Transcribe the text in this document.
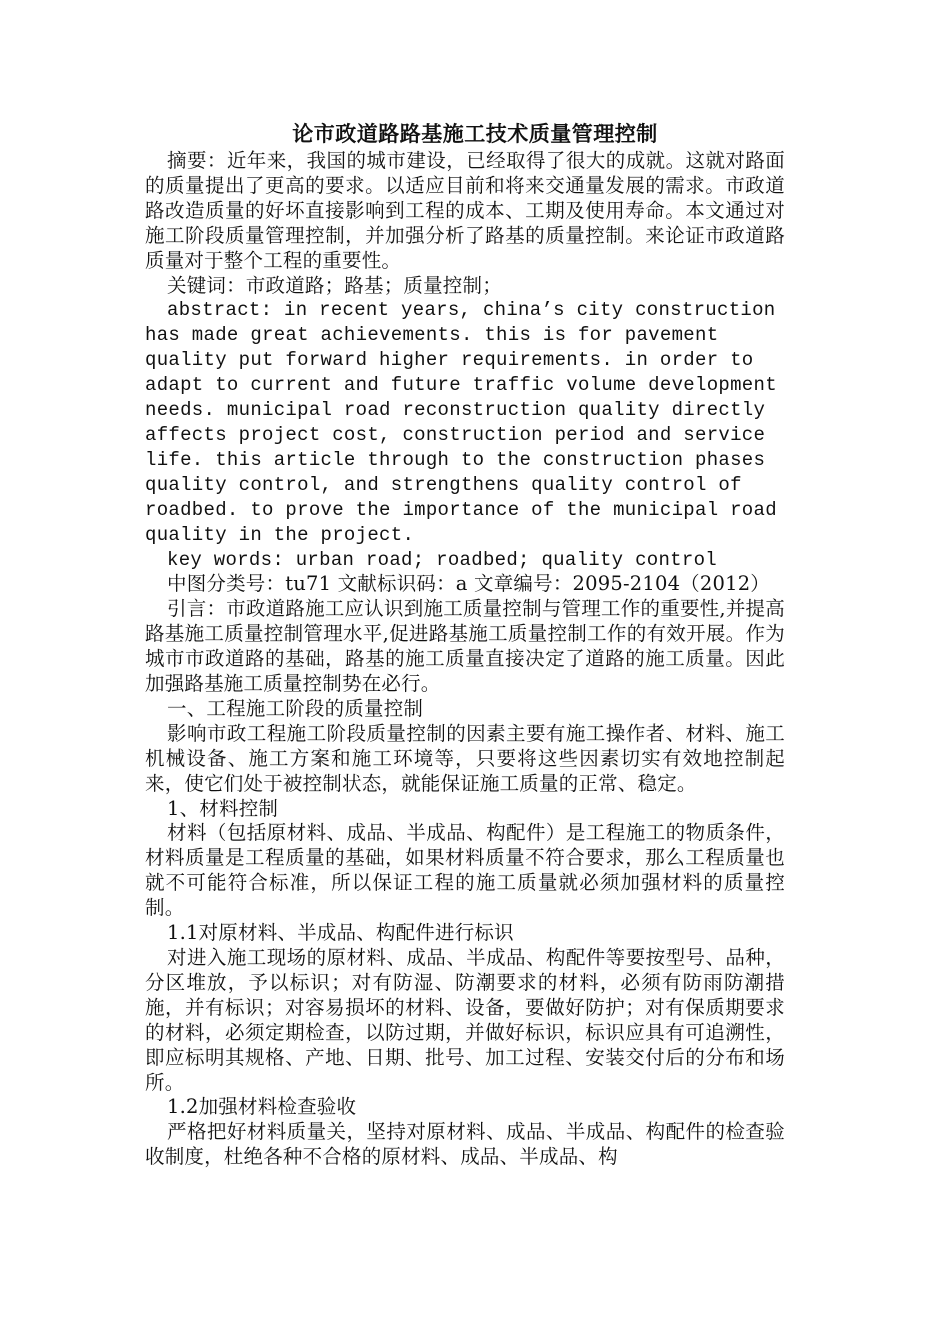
论市政道路路基施工技术质量管理控制

摘要：近年来，我国的城市建设，已经取得了很大的成就。这就对路面的质量提出了更高的要求。以适应目前和将来交通量发展的需求。市政道路改造质量的好坏直接影响到工程的成本、工期及使用寿命。本文通过对施工阶段质量管理控制，并加强分析了路基的质量控制。来论证市政道路质量对于整个工程的重要性。

关键词：市政道路；路基；质量控制；

abstract: in recent years, china’s city construction has made great achievements. this is for pavement quality put forward higher requirements. in order to adapt to current and future traffic volume development needs. municipal road reconstruction quality directly affects project cost, construction period and service life. this article through to the construction phases quality control, and strengthens quality control of roadbed. to prove the importance of the municipal road quality in the project.

key words: urban road; roadbed; quality control

中图分类号：tu71 文献标识码：a 文章编号：2095-2104（2012）

引言：市政道路施工应认识到施工质量控制与管理工作的重要性,并提高路基施工质量控制管理水平,促进路基施工质量控制工作的有效开展。作为城市市政道路的基础，路基的施工质量直接决定了道路的施工质量。因此加强路基施工质量控制势在必行。

一、工程施工阶段的质量控制

影响市政工程施工阶段质量控制的因素主要有施工操作者、材料、施工机械设备、施工方案和施工环境等，只要将这些因素切实有效地控制起来，使它们处于被控制状态，就能保证施工质量的正常、稳定。

1、材料控制

材料（包括原材料、成品、半成品、构配件）是工程施工的物质条件，材料质量是工程质量的基础，如果材料质量不符合要求，那么工程质量也就不可能符合标准，所以保证工程的施工质量就必须加强材料的质量控制。

1.1对原材料、半成品、构配件进行标识

对进入施工现场的原材料、成品、半成品、构配件等要按型号、品种，分区堆放，予以标识；对有防湿、防潮要求的材料，必须有防雨防潮措施，并有标识；对容易损坏的材料、设备，要做好防护；对有保质期要求的材料，必须定期检查，以防过期，并做好标识，标识应具有可追溯性，即应标明其规格、产地、日期、批号、加工过程、安装交付后的分布和场所。

1.2加强材料检查验收

严格把好材料质量关，坚持对原材料、成品、半成品、构配件的检查验收制度，杜绝各种不合格的原材料、成品、半成品、构
